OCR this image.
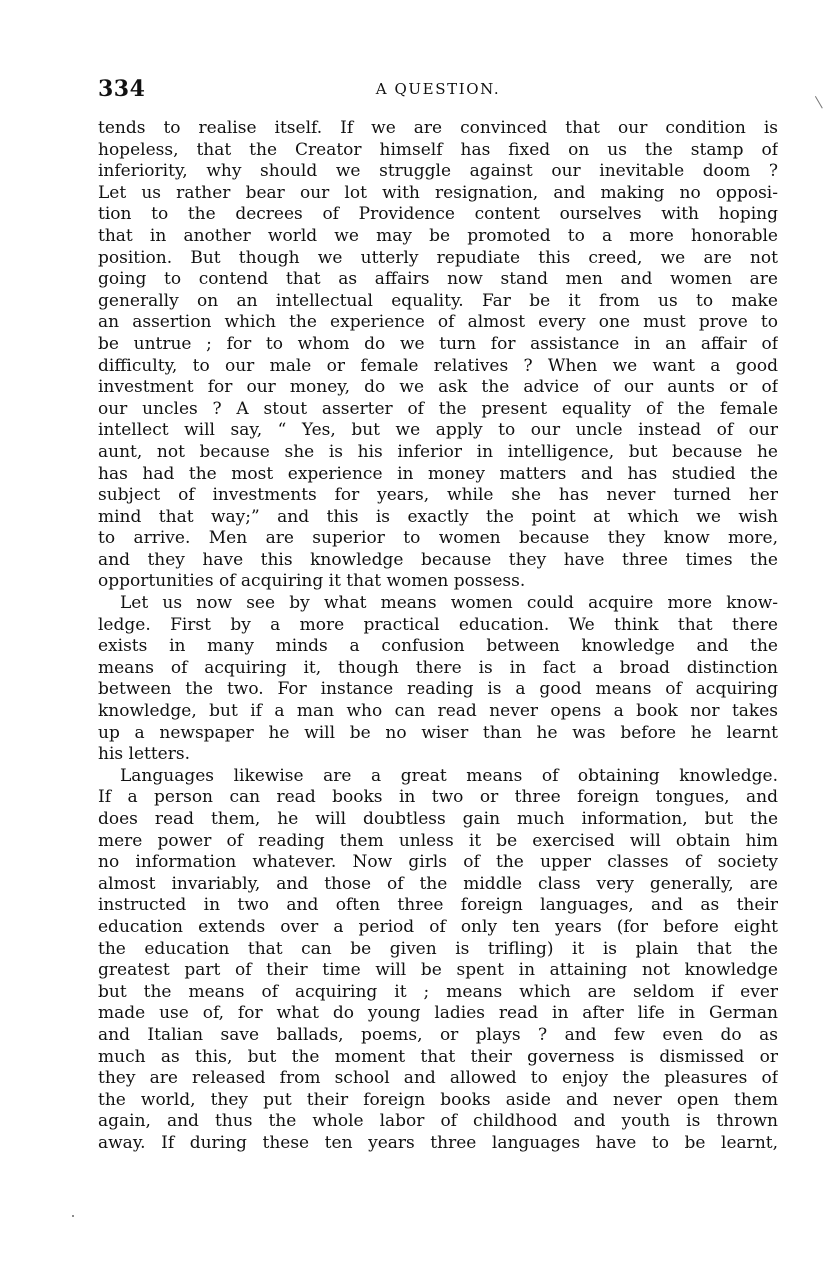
334	A QUESTION.
tends to realise itself. If we are convinced that our condition is
hopeless, that the Creator himself has fixed on us the stamp of
inferiority, why should we struggle against our inevitable doom ?
Let us rather bear our lot with resignation, and making no opposi-
tion to the decrees of Providence content ourselves with hoping
that in another world we may be promoted to a more honorable
position. But though we utterly repudiate this creed, we are not
going to contend that as affairs now stand men and women are
generally on an intellectual equality. Far be it from us to make
an assertion which the experience of almost every one must prove to
be untrue ; for to whom do we turn for assistance in an affair of
difficulty, to our male or female relatives ? When we want a good
investment for our money, do we ask the advice of our aunts or of
our uncles ? A stout asserter of the present equality of the female
intellect will say, “ Yes, but we apply to our uncle instead of our
aunt, not because she is his inferior in intelligence, but because he
has had the most experience in money matters and has studied the
subject of investments for years, while she has never turned her
mind that way;” and this is exactly the point at which we wish
to arrive. Men are superior to women because they know more,
and they have this knowledge because they have three times the
opportunities of acquiring it that women possess.
Let us now see by what means women could acquire more know-
ledge. First by a more practical education. We think that there
exists in many minds a confusion between knowledge and the
means of acquiring it, though there is in fact a broad distinction
between the two. For instance reading is a good means of acquiring
knowledge, but if a man who can read never opens a book nor takes
up a newspaper he will be no wiser than he was before he learnt
his letters.
Languages likewise are a great means of obtaining knowledge.
If a person can read books in two or three foreign tongues, and
does read them, he will doubtless gain much information, but the
mere power of reading them unless it be exercised will obtain him
no information whatever. Now girls of the upper classes of society
almost invariably, and those of the middle class very generally, are
instructed in two and often three foreign languages, and as their
education extends over a period of only ten years (for before eight
the education that can be given is trifling) it is plain that the
greatest part of their time will be spent in attaining not knowledge
but the means of acquiring it ; means which are seldom if ever
made use of, for what do young ladies read in after life in German
and Italian save ballads, poems, or plays ? and few even do as
much as this, but the moment that their governess is dismissed or
they are released from school and allowed to enjoy the pleasures of
the world, they put their foreign books aside and never open them
again, and thus the whole labor of childhood and youth is thrown
away. If during these ten years three languages have to be learnt,
